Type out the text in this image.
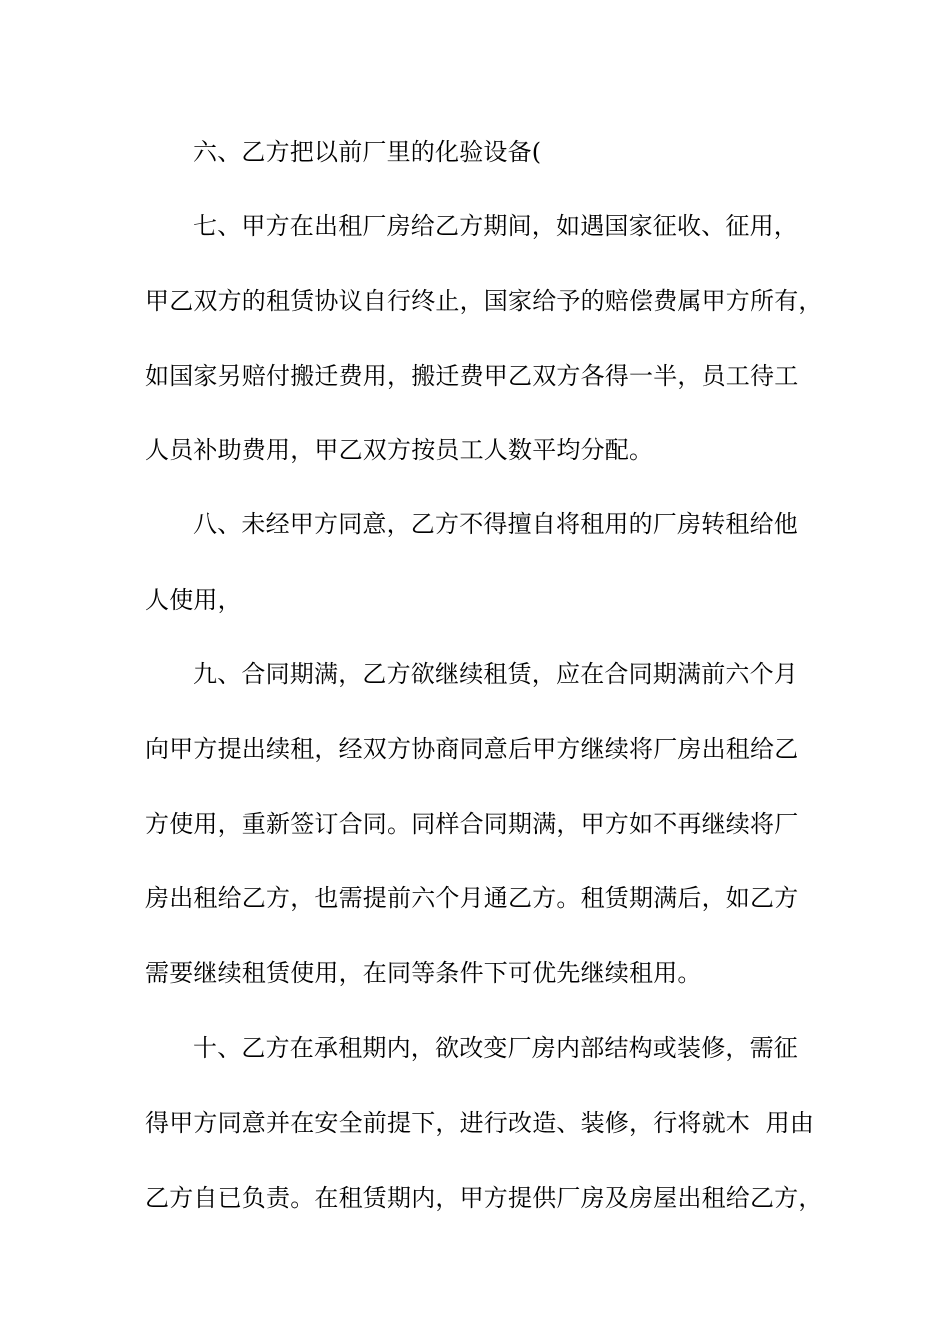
六、乙方把以前厂里的化验设备(
七、甲方在出租厂房给乙方期间，如遇国家征收、征用，
甲乙双方的租赁协议自行终止，国家给予的赔偿费属甲方所有，
如国家另赔付搬迁费用，搬迁费甲乙双方各得一半，员工待工
人员补助费用，甲乙双方按员工人数平均分配。
八、未经甲方同意，乙方不得擅自将租用的厂房转租给他
人使用，
九、合同期满，乙方欲继续租赁，应在合同期满前六个月
向甲方提出续租，经双方协商同意后甲方继续将厂房出租给乙
方使用，重新签订合同。同样合同期满，甲方如不再继续将厂
房出租给乙方，也需提前六个月通乙方。租赁期满后，如乙方
需要继续租赁使用，在同等条件下可优先继续租用。
十、乙方在承租期内，欲改变厂房内部结构或装修，需征
得甲方同意并在安全前提下，进行改造、装修，行将就木  用由
乙方自已负责。在租赁期内，甲方提供厂房及房屋出租给乙方，
